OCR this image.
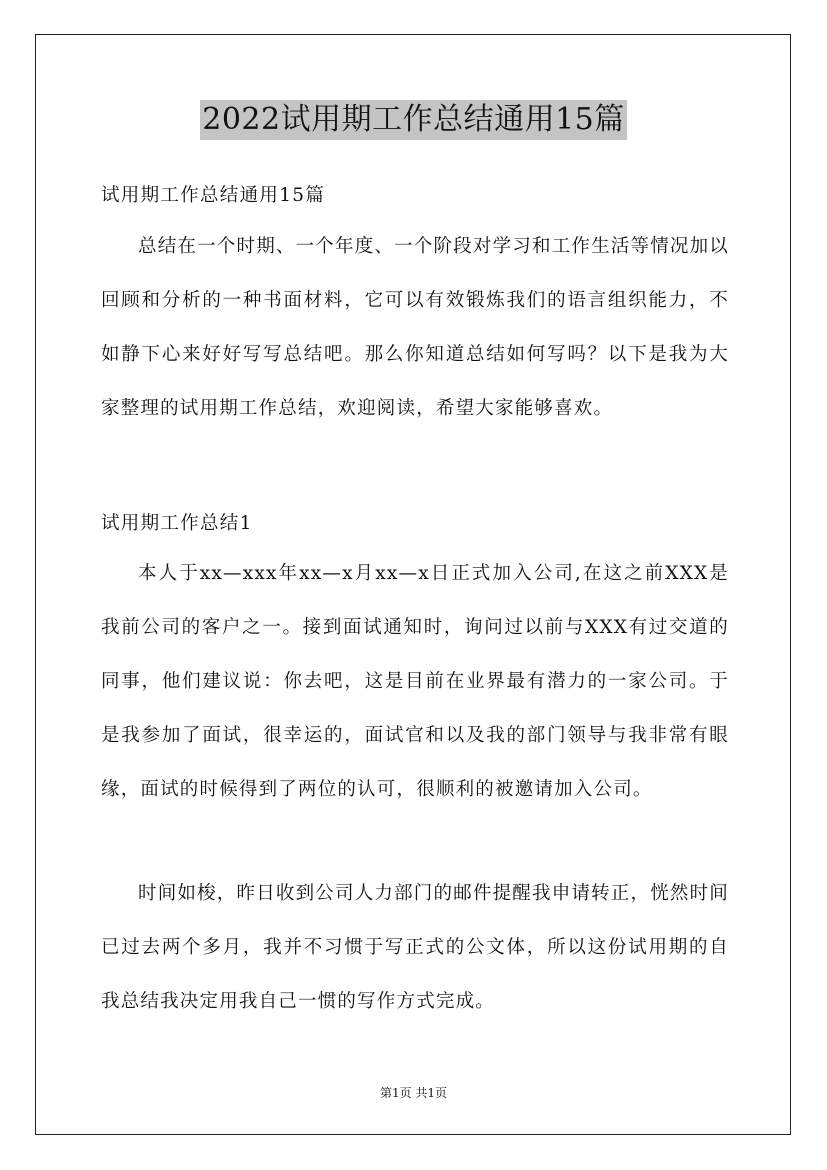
2022试用期工作总结通用15篇
试用期工作总结通用15篇

总结在一个时期、一个年度、一个阶段对学习和工作生活等情况加以回顾和分析的一种书面材料，它可以有效锻炼我们的语言组织能力，不如静下心来好好写写总结吧。那么你知道总结如何写吗？以下是我为大家整理的试用期工作总结，欢迎阅读，希望大家能够喜欢。

试用期工作总结1

本人于xx—xxx年xx—x月xx—x日正式加入公司,在这之前XXX是我前公司的客户之一。接到面试通知时，询问过以前与XXX有过交道的同事，他们建议说：你去吧，这是目前在业界最有潜力的一家公司。于是我参加了面试，很幸运的，面试官和以及我的部门领导与我非常有眼缘，面试的时候得到了两位的认可，很顺利的被邀请加入公司。

时间如梭，昨日收到公司人力部门的邮件提醒我申请转正，恍然时间已过去两个多月，我并不习惯于写正式的公文体，所以这份试用期的自我总结我决定用我自己一惯的写作方式完成。

第1页 共1页
